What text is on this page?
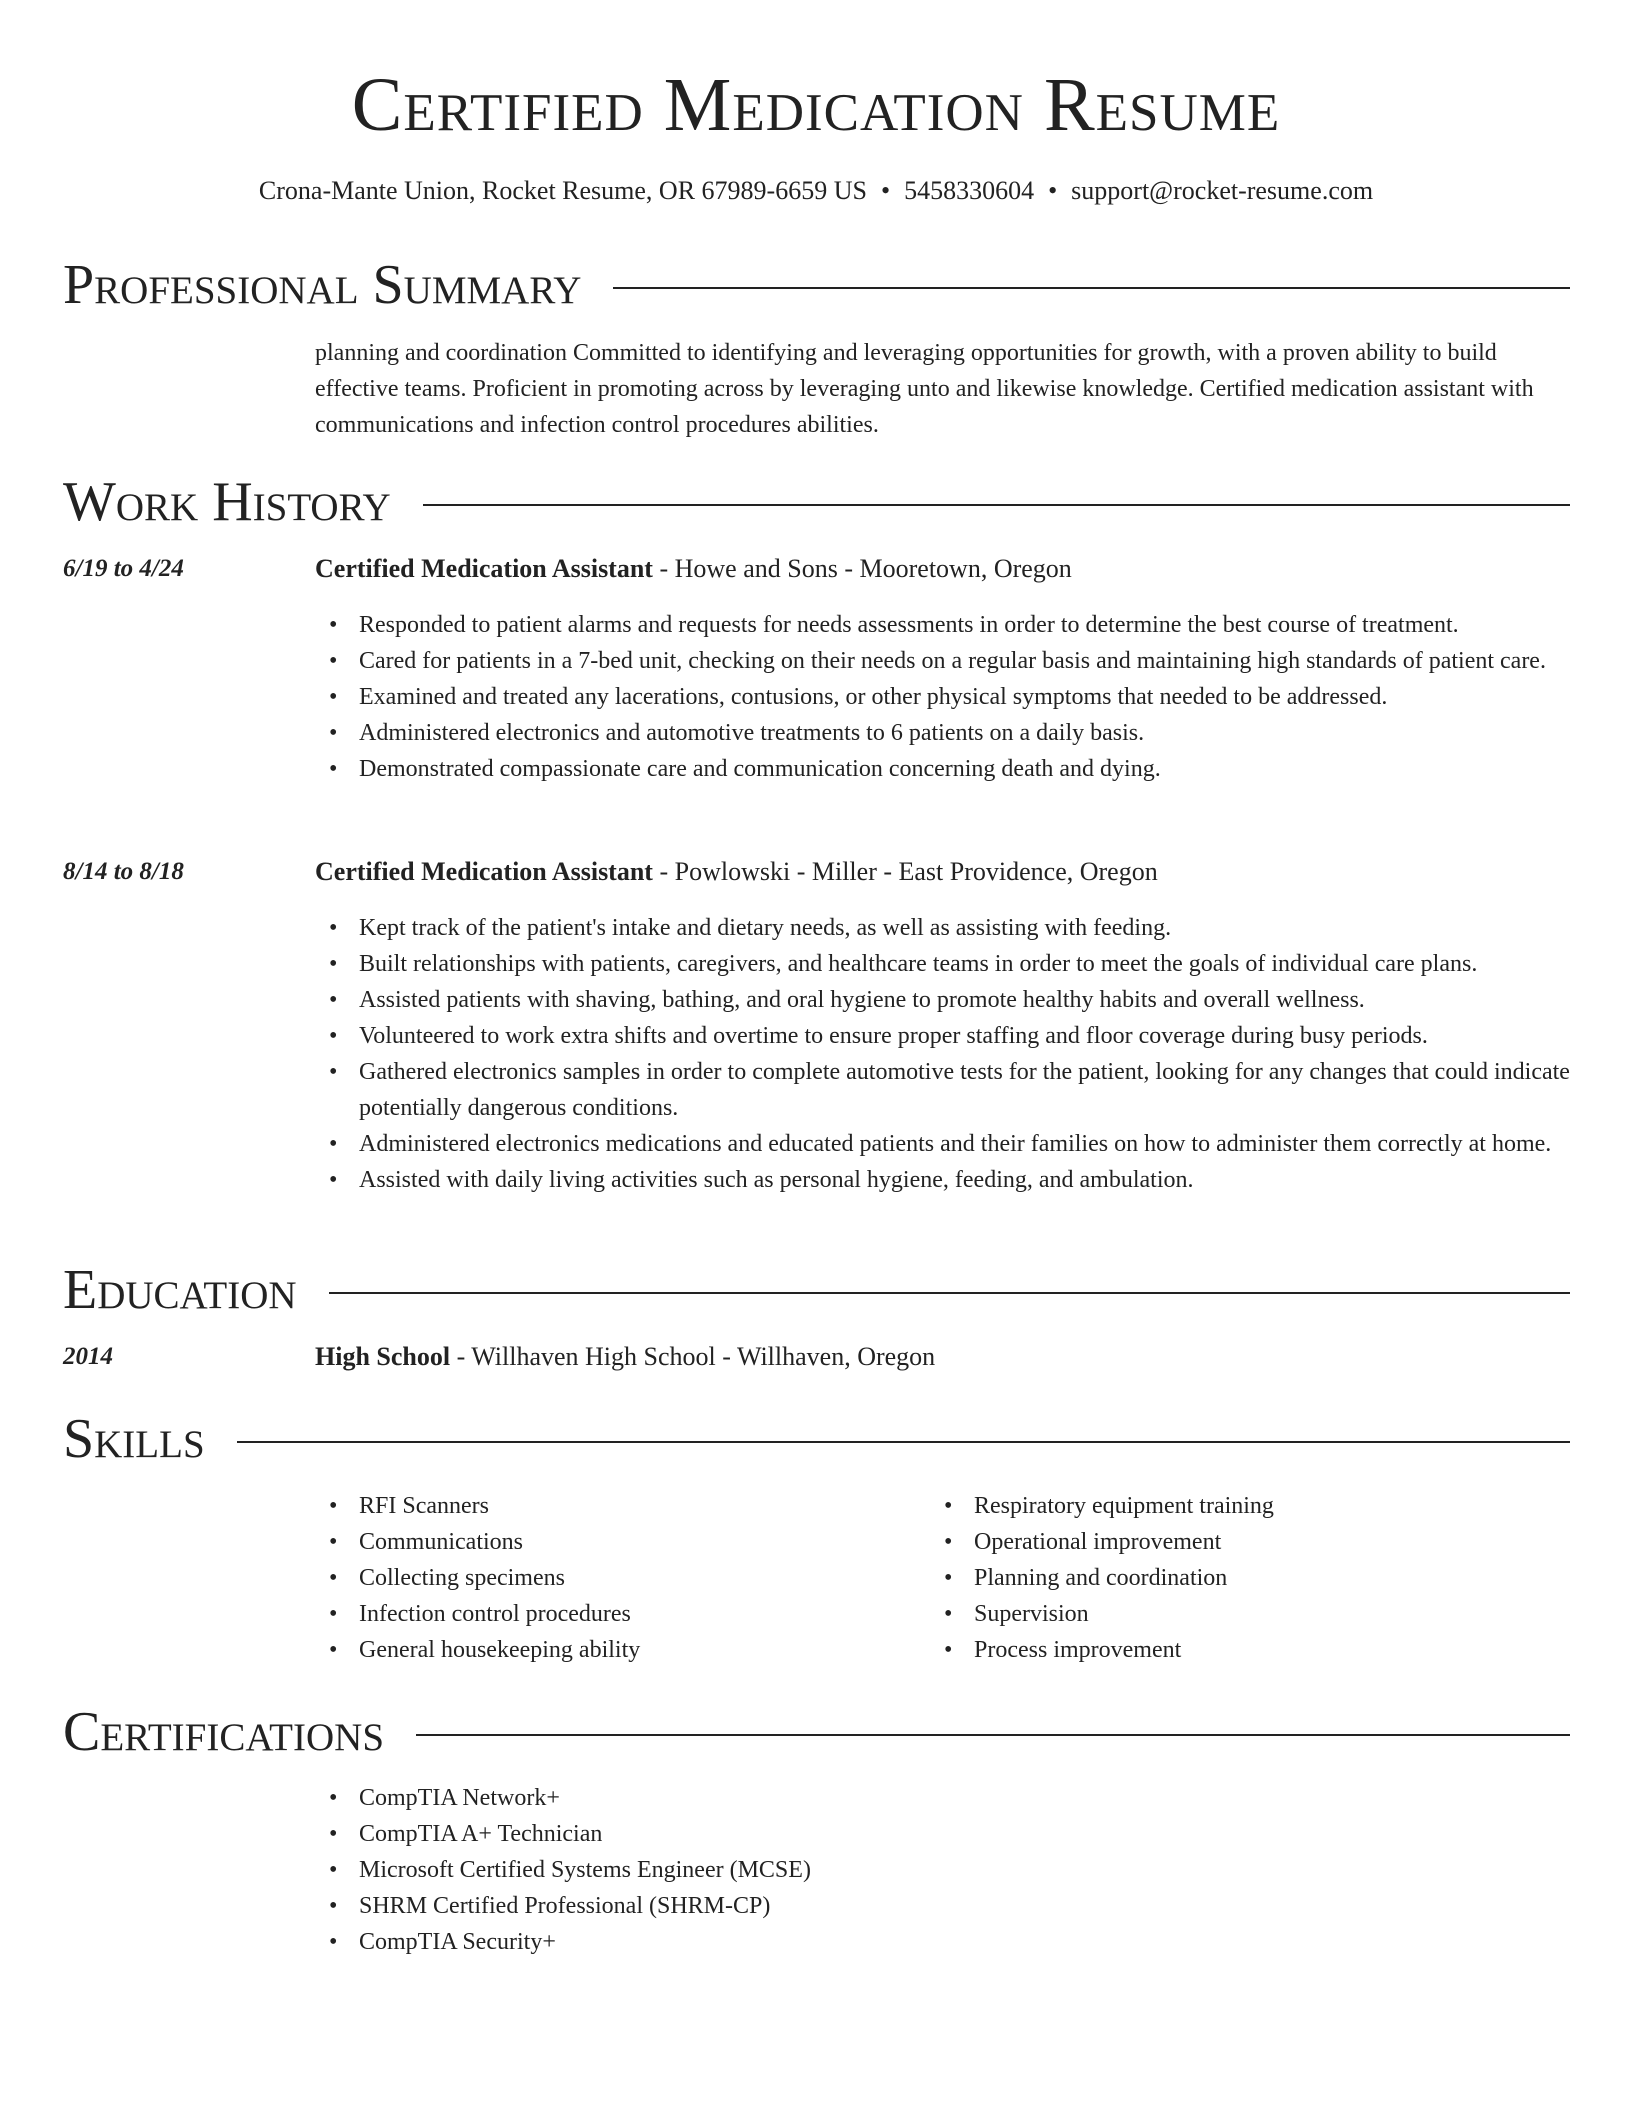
Certified Medication Resume
Crona-Mante Union, Rocket Resume, OR 67989-6659 US • 5458330604 • support@rocket-resume.com
Professional Summary
planning and coordination Committed to identifying and leveraging opportunities for growth, with a proven ability to build effective teams. Proficient in promoting across by leveraging unto and likewise knowledge. Certified medication assistant with communications and infection control procedures abilities.
Work History
6/19 to 4/24	Certified Medication Assistant - Howe and Sons - Mooretown, Oregon
• Responded to patient alarms and requests for needs assessments in order to determine the best course of treatment.
• Cared for patients in a 7-bed unit, checking on their needs on a regular basis and maintaining high standards of patient care.
• Examined and treated any lacerations, contusions, or other physical symptoms that needed to be addressed.
• Administered electronics and automotive treatments to 6 patients on a daily basis.
• Demonstrated compassionate care and communication concerning death and dying.
8/14 to 8/18	Certified Medication Assistant - Powlowski - Miller - East Providence, Oregon
• Kept track of the patient's intake and dietary needs, as well as assisting with feeding.
• Built relationships with patients, caregivers, and healthcare teams in order to meet the goals of individual care plans.
• Assisted patients with shaving, bathing, and oral hygiene to promote healthy habits and overall wellness.
• Volunteered to work extra shifts and overtime to ensure proper staffing and floor coverage during busy periods.
• Gathered electronics samples in order to complete automotive tests for the patient, looking for any changes that could indicate potentially dangerous conditions.
• Administered electronics medications and educated patients and their families on how to administer them correctly at home.
• Assisted with daily living activities such as personal hygiene, feeding, and ambulation.
Education
2014	High School - Willhaven High School - Willhaven, Oregon
Skills
• RFI Scanners
• Communications
• Collecting specimens
• Infection control procedures
• General housekeeping ability
• Respiratory equipment training
• Operational improvement
• Planning and coordination
• Supervision
• Process improvement
Certifications
• CompTIA Network+
• CompTIA A+ Technician
• Microsoft Certified Systems Engineer (MCSE)
• SHRM Certified Professional (SHRM-CP)
• CompTIA Security+
